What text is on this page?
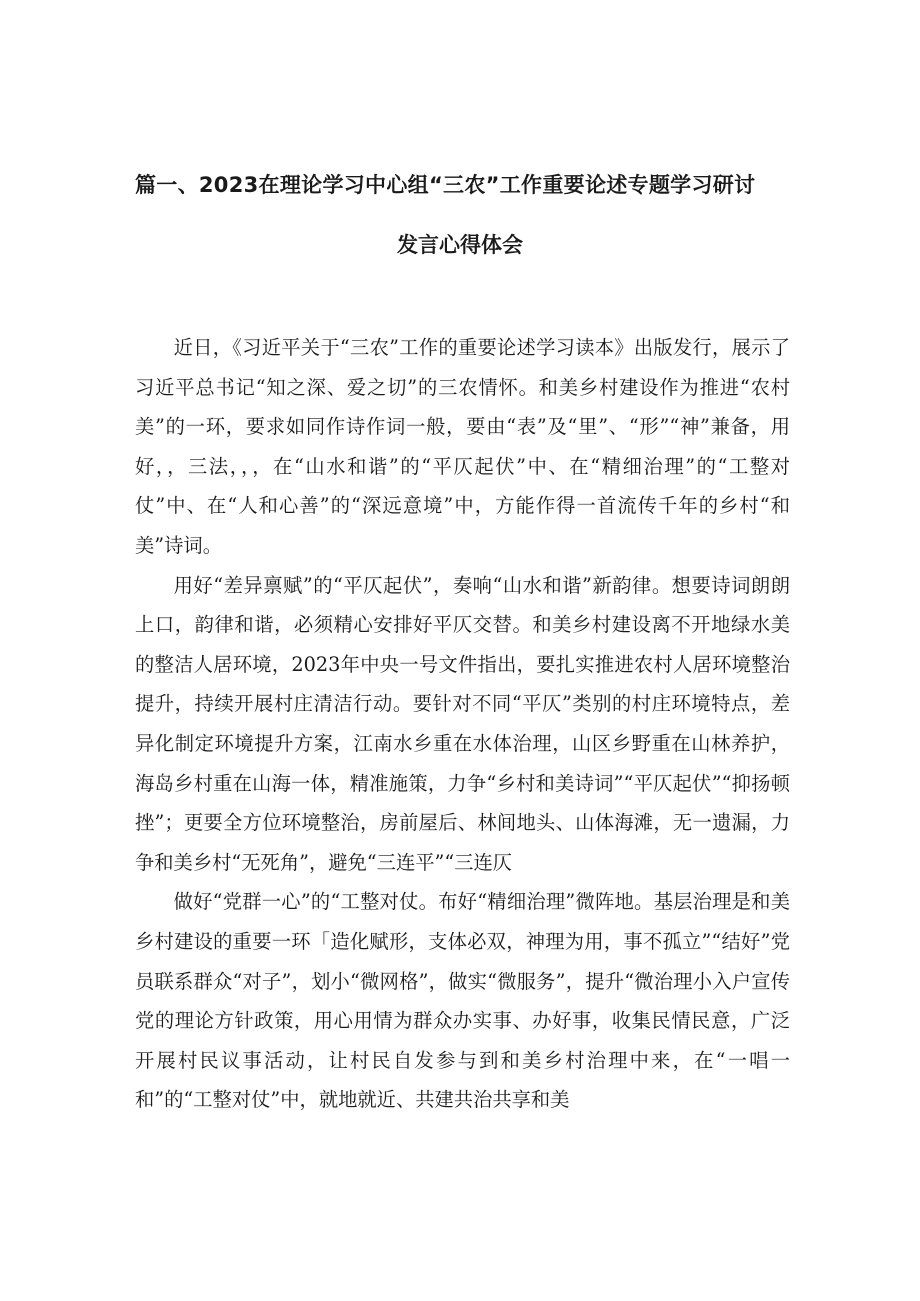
篇一、2023在理论学习中心组“三农”工作重要论述专题学习研讨
发言心得体会

近日，《习近平关于“三农”工作的重要论述学习读本》出版发行，展示了习近平总书记“知之深、爱之切”的三农情怀。和美乡村建设作为推进“农村美”的一环，要求如同作诗作词一般，要由“表”及“里”、“形”“神”兼备，用好，，三法，，，在“山水和谐”的“平仄起伏”中、在“精细治理”的“工整对仗”中、在“人和心善”的“深远意境”中，方能作得一首流传千年的乡村“和美”诗词。

用好“差异禀赋”的“平仄起伏”，奏响“山水和谐”新韵律。想要诗词朗朗上口，韵律和谐，必须精心安排好平仄交替。和美乡村建设离不开地绿水美的整洁人居环境，2023年中央一号文件指出，要扎实推进农村人居环境整治提升，持续开展村庄清洁行动。要针对不同“平仄”类别的村庄环境特点，差异化制定环境提升方案，江南水乡重在水体治理，山区乡野重在山林养护，海岛乡村重在山海一体，精准施策，力争“乡村和美诗词”“平仄起伏”“抑扬顿挫”；更要全方位环境整治，房前屋后、林间地头、山体海滩，无一遗漏，力争和美乡村“无死角”，避免“三连平”“三连仄

做好“党群一心”的“工整对仗。布好“精细治理”微阵地。基层治理是和美乡村建设的重要一环「造化赋形，支体必双，神理为用，事不孤立”“结好”党员联系群众“对子”，划小“微网格”，做实“微服务”，提升“微治理小入户宣传党的理论方针政策，用心用情为群众办实事、办好事，收集民情民意，广泛开展村民议事活动，让村民自发参与到和美乡村治理中来，在“一唱一和”的“工整对仗”中，就地就近、共建共治共享和美
